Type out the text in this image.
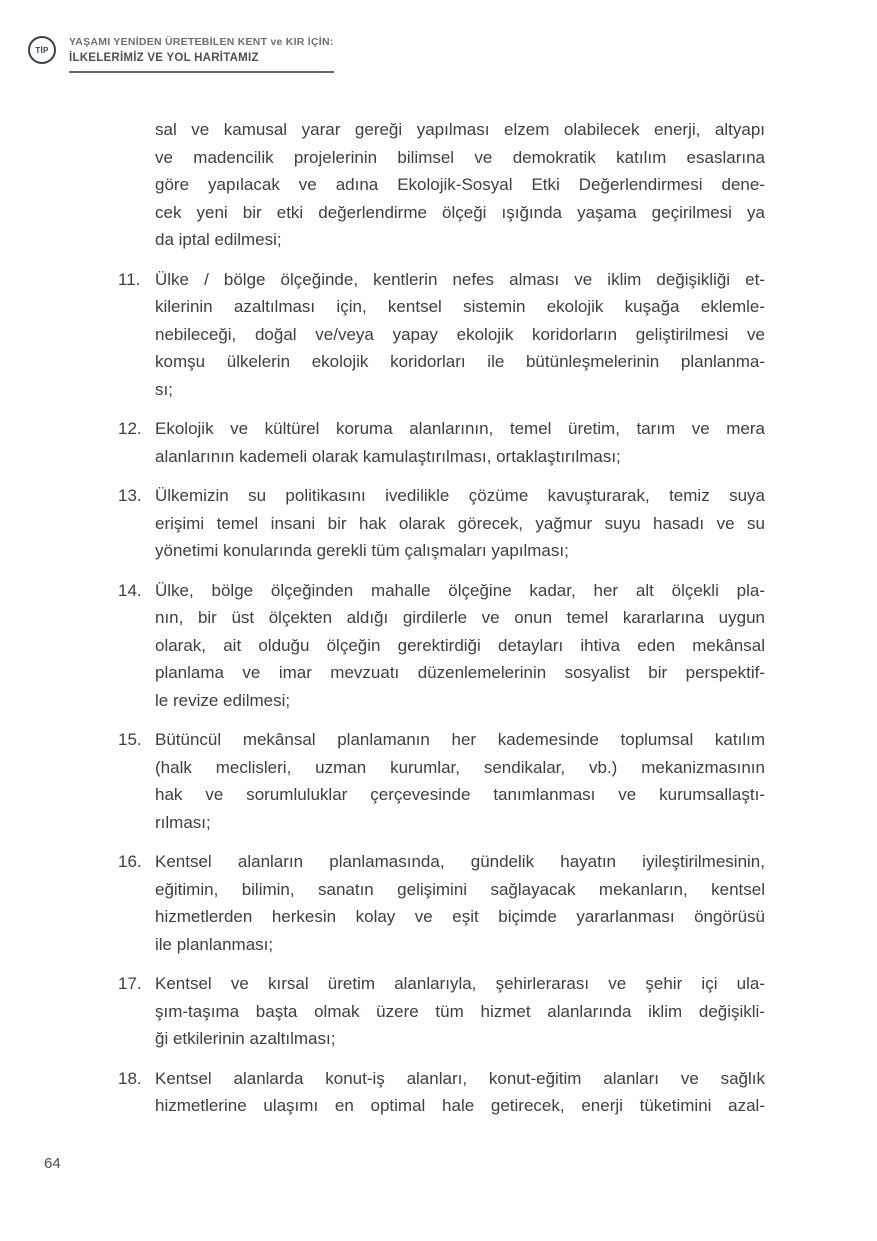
TİP
YAŞAMI YENİDEN ÜRETEBİLEN KENT ve KIR İÇİN:
İLKELERİMİZ VE YOL HARİTAMIZ
sal ve kamusal yarar gereği yapılması elzem olabilecek enerji, altyapı
ve madencilik projelerinin bilimsel ve demokratik katılım esaslarına
göre yapılacak ve adına Ekolojik-Sosyal Etki Değerlendirmesi dene-
cek yeni bir etki değerlendirme ölçeği ışığında yaşama geçirilmesi ya
da iptal edilmesi;
11. Ülke / bölge ölçeğinde, kentlerin nefes alması ve iklim değişikliği et-
kilerinin azaltılması için, kentsel sistemin ekolojik kuşağa eklemle-
nebileceği, doğal ve/veya yapay ekolojik koridorların geliştirilmesi ve
komşu ülkelerin ekolojik koridorları ile bütünleşmelerinin planlanma-
sı;
12. Ekolojik ve kültürel koruma alanlarının, temel üretim, tarım ve mera
alanlarının kademeli olarak kamulaştırılması, ortaklaştırılması;
13. Ülkemizin su politikasını ivedilikle çözüme kavuşturarak, temiz suya
erişimi temel insani bir hak olarak görecek, yağmur suyu hasadı ve su
yönetimi konularında gerekli tüm çalışmaları yapılması;
14. Ülke, bölge ölçeğinden mahalle ölçeğine kadar, her alt ölçekli pla-
nın, bir üst ölçekten aldığı girdilerle ve onun temel kararlarına uygun
olarak, ait olduğu ölçeğin gerektirdiği detayları ihtiva eden mekânsal
planlama ve imar mevzuatı düzenlemelerinin sosyalist bir perspektif-
le revize edilmesi;
15. Bütüncül mekânsal planlamanın her kademesinde toplumsal katılım
(halk meclisleri, uzman kurumlar, sendikalar, vb.) mekanizmasının
hak ve sorumluluklar çerçevesinde tanımlanması ve kurumsallaştı-
rılması;
16. Kentsel alanların planlamasında, gündelik hayatın iyileştirilmesinin,
eğitimin, bilimin, sanatın gelişimini sağlayacak mekanların, kentsel
hizmetlerden herkesin kolay ve eşit biçimde yararlanması öngörüsü
ile planlanması;
17. Kentsel ve kırsal üretim alanlarıyla, şehirlerarası ve şehir içi ula-
şım-taşıma başta olmak üzere tüm hizmet alanlarında iklim değişikli-
ği etkilerinin azaltılması;
18. Kentsel alanlarda konut-iş alanları, konut-eğitim alanları ve sağlık
hizmetlerine ulaşımı en optimal hale getirecek, enerji tüketimini azal-
64
